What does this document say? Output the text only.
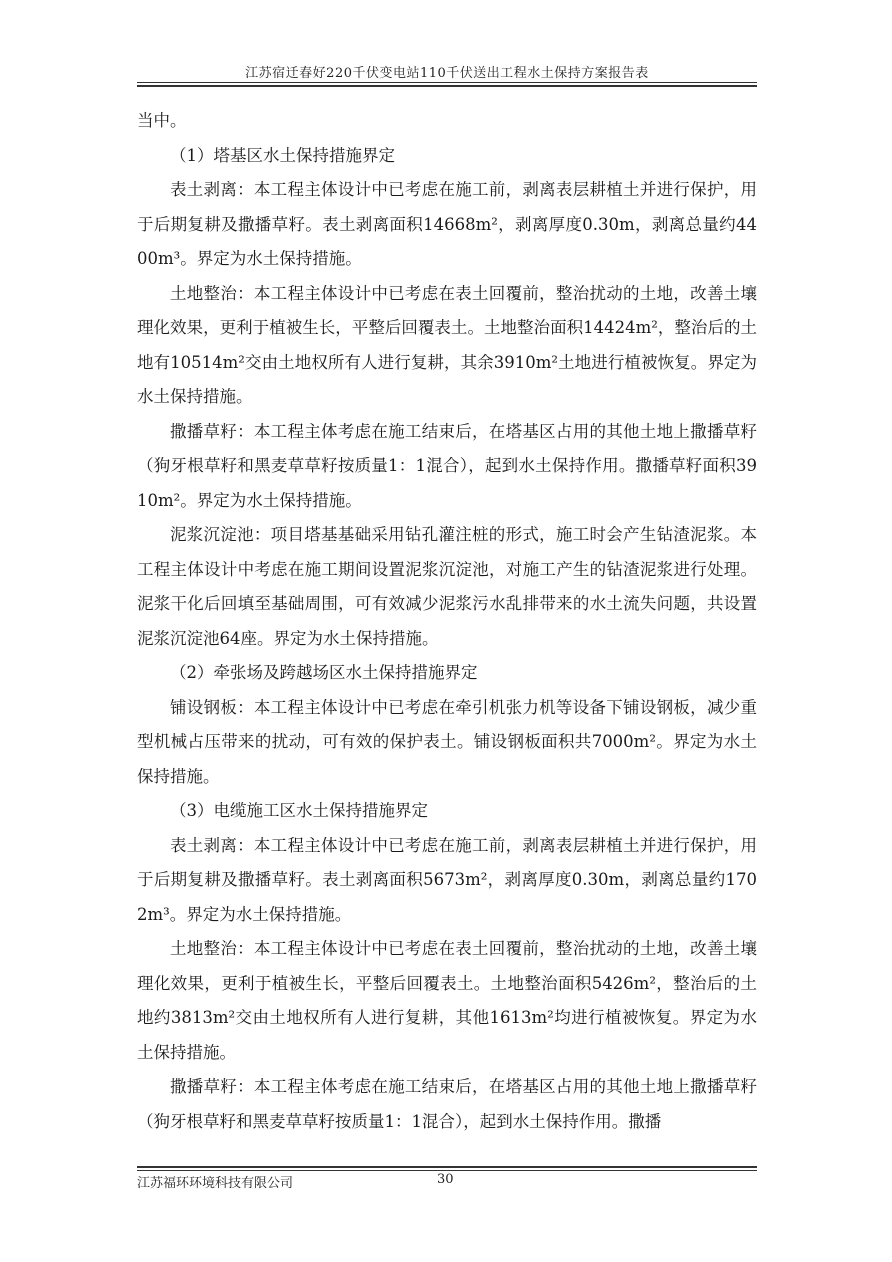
江苏宿迁春好220千伏变电站110千伏送出工程水土保持方案报告表

当中。

（1）塔基区水土保持措施界定

表土剥离：本工程主体设计中已考虑在施工前，剥离表层耕植土并进行保护，用于后期复耕及撒播草籽。表土剥离面积14668m²，剥离厚度0.30m，剥离总量约4400m³。界定为水土保持措施。

土地整治：本工程主体设计中已考虑在表土回覆前，整治扰动的土地，改善土壤理化效果，更利于植被生长，平整后回覆表土。土地整治面积14424m²，整治后的土地有10514m²交由土地权所有人进行复耕，其余3910m²土地进行植被恢复。界定为水土保持措施。

撒播草籽：本工程主体考虑在施工结束后，在塔基区占用的其他土地上撒播草籽（狗牙根草籽和黑麦草草籽按质量1：1混合），起到水土保持作用。撒播草籽面积3910m²。界定为水土保持措施。

泥浆沉淀池：项目塔基基础采用钻孔灌注桩的形式，施工时会产生钻渣泥浆。本工程主体设计中考虑在施工期间设置泥浆沉淀池，对施工产生的钻渣泥浆进行处理。泥浆干化后回填至基础周围，可有效减少泥浆污水乱排带来的水土流失问题，共设置泥浆沉淀池64座。界定为水土保持措施。

（2）牵张场及跨越场区水土保持措施界定

铺设钢板：本工程主体设计中已考虑在牵引机张力机等设备下铺设钢板，减少重型机械占压带来的扰动，可有效的保护表土。铺设钢板面积共7000m²。界定为水土保持措施。

（3）电缆施工区水土保持措施界定

表土剥离：本工程主体设计中已考虑在施工前，剥离表层耕植土并进行保护，用于后期复耕及撒播草籽。表土剥离面积5673m²，剥离厚度0.30m，剥离总量约1702m³。界定为水土保持措施。

土地整治：本工程主体设计中已考虑在表土回覆前，整治扰动的土地，改善土壤理化效果，更利于植被生长，平整后回覆表土。土地整治面积5426m²，整治后的土地约3813m²交由土地权所有人进行复耕，其他1613m²均进行植被恢复。界定为水土保持措施。

撒播草籽：本工程主体考虑在施工结束后，在塔基区占用的其他土地上撒播草籽（狗牙根草籽和黑麦草草籽按质量1：1混合），起到水土保持作用。撒播

江苏福环环境科技有限公司	30
